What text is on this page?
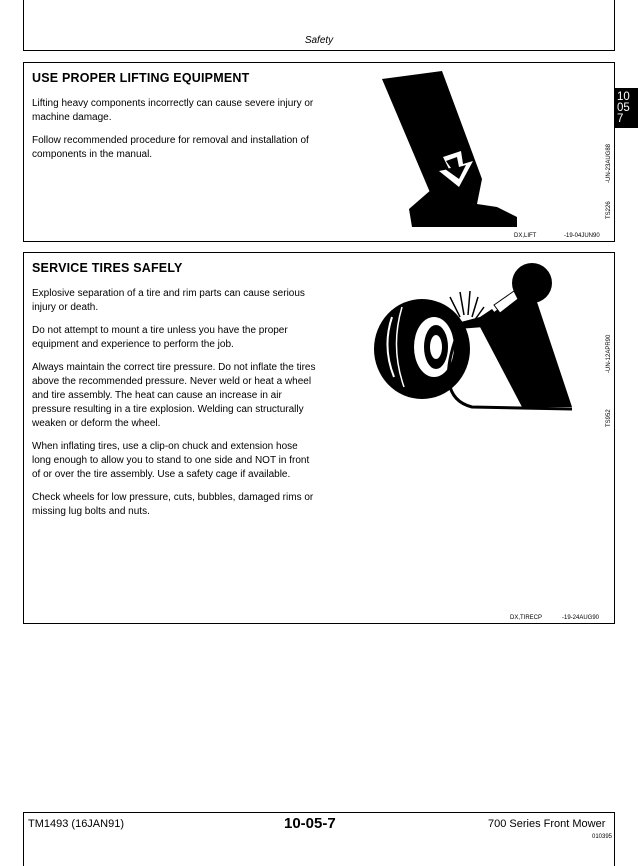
Safety
10
05
7
USE PROPER LIFTING EQUIPMENT

Lifting heavy components incorrectly can cause severe injury or machine damage.

Follow recommended procedure for removal and installation of components in the manual.	-UN-23AUG88
TS226
DX,LIFT	-19-04JUN90
SERVICE TIRES SAFELY

Explosive separation of a tire and rim parts can cause serious injury or death.

Do not attempt to mount a tire unless you have the proper equipment and experience to perform the job.

Always maintain the correct tire pressure. Do not inflate the tires above the recommended pressure. Never weld or heat a wheel and tire assembly. The heat can cause an increase in air pressure resulting in a tire explosion. Welding can structurally weaken or deform the wheel.

When inflating tires, use a clip-on chuck and extension hose long enough to allow you to stand to one side and NOT in front of or over the tire assembly. Use a safety cage if available.

Check wheels for low pressure, cuts, bubbles, damaged rims or missing lug bolts and nuts.

-UN-12APR90
TS952
DX,TIRECP	-19-24AUG90
TM1493 (16JAN91)	10-05-7	700 Series Front Mower
010395
